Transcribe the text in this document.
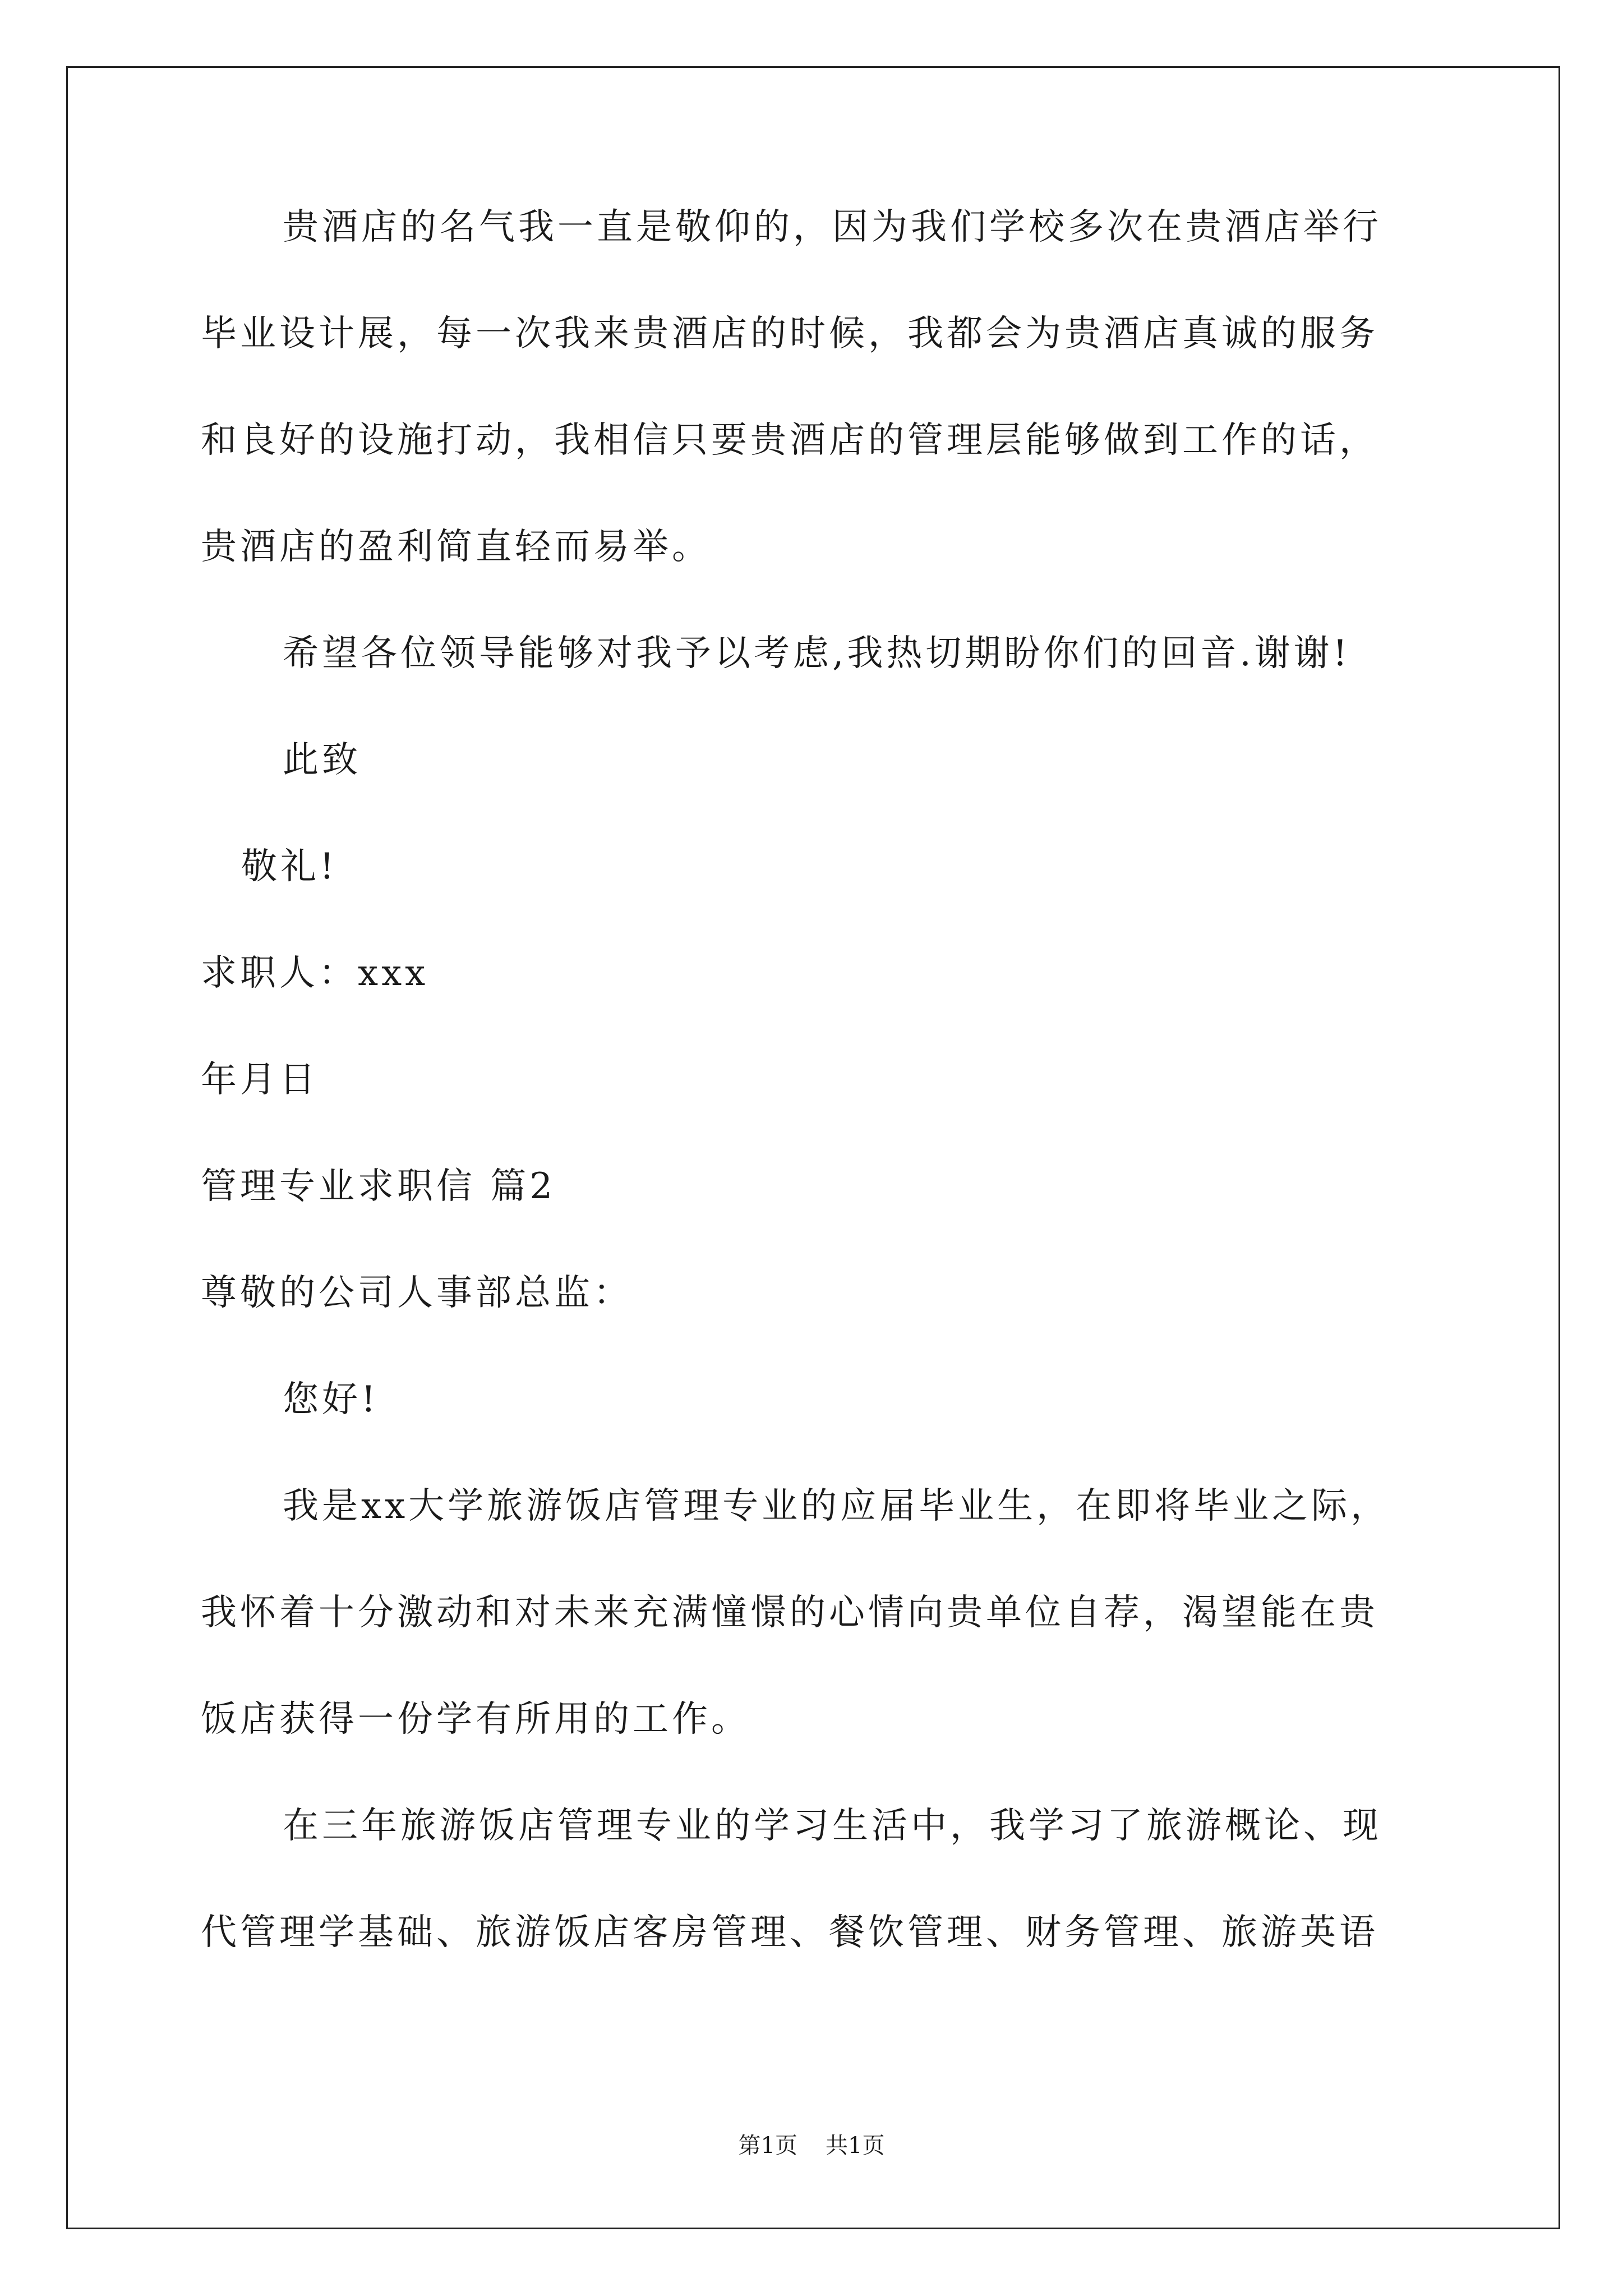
贵酒店的名气我一直是敬仰的，因为我们学校多次在贵酒店举行
毕业设计展，每一次我来贵酒店的时候，我都会为贵酒店真诚的服务
和良好的设施打动，我相信只要贵酒店的管理层能够做到工作的话，
贵酒店的盈利简直轻而易举。
希望各位领导能够对我予以考虑,我热切期盼你们的回音.谢谢!
此致
敬礼!
求职人：xxx
年月日
管理专业求职信 篇2
尊敬的公司人事部总监：
您好!
我是xx大学旅游饭店管理专业的应届毕业生，在即将毕业之际，
我怀着十分激动和对未来充满憧憬的心情向贵单位自荐，渴望能在贵
饭店获得一份学有所用的工作。
在三年旅游饭店管理专业的学习生活中，我学习了旅游概论、现
代管理学基础、旅游饭店客房管理、餐饮管理、财务管理、旅游英语
第1页 共1页
